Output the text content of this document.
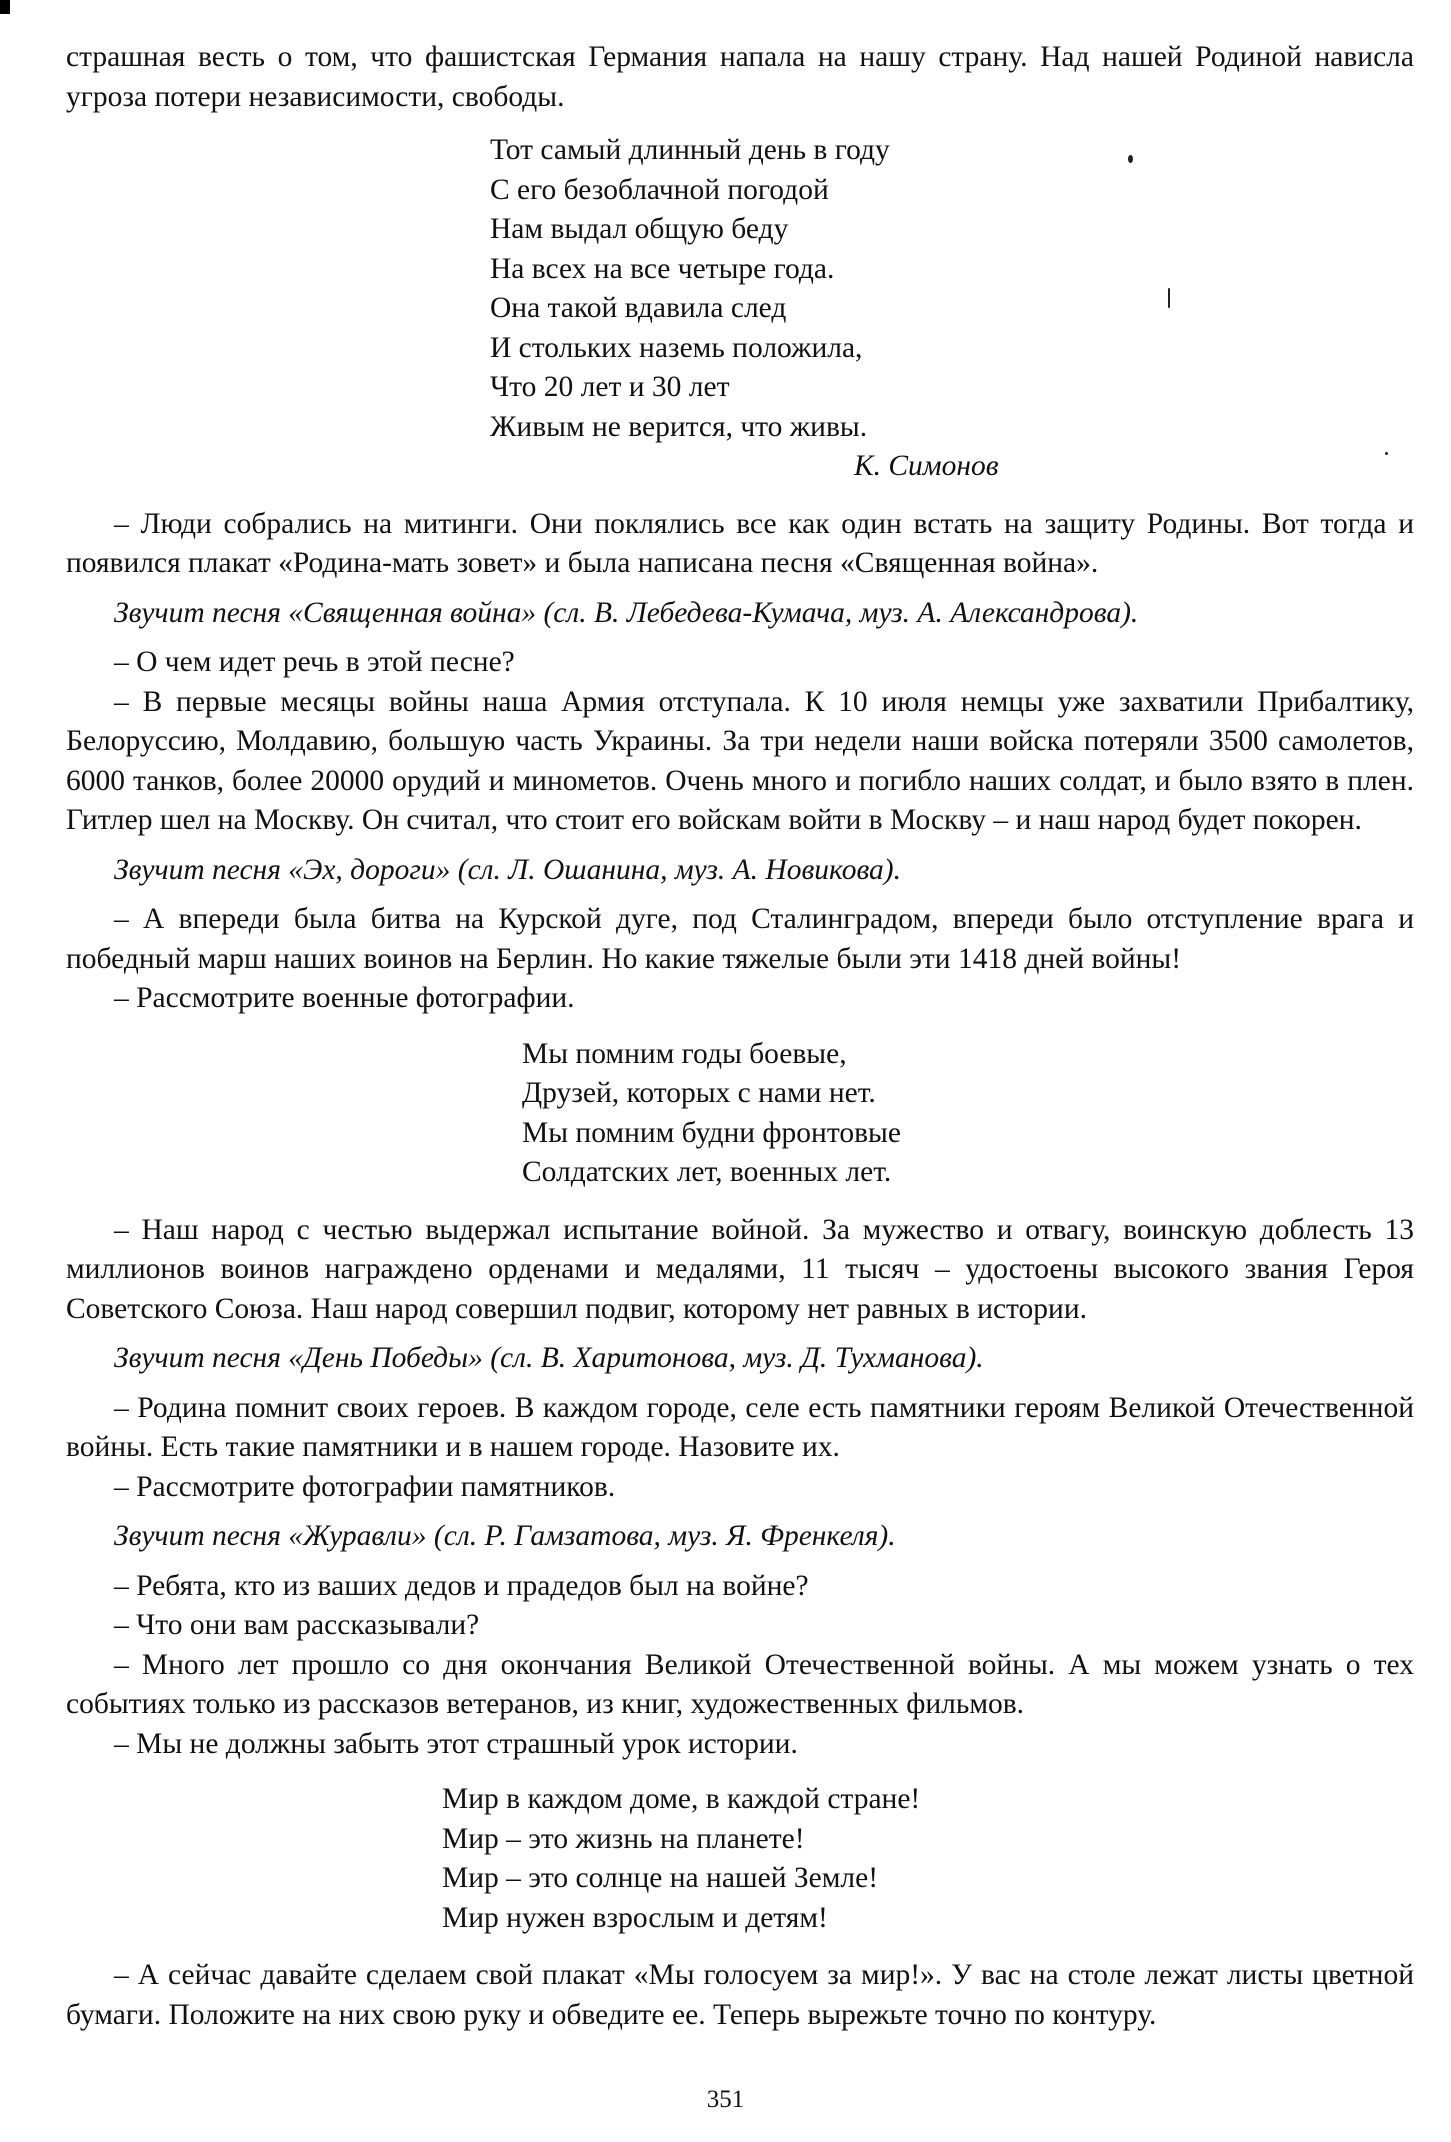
страшная весть о том, что фашистская Германия напала на нашу страну. Над нашей Родиной нависла угроза потери независимости, свободы.

Тот самый длинный день в году
С его безоблачной погодой
Нам выдал общую беду
На всех на все четыре года.
Она такой вдавила след
И стольких наземь положила,
Что 20 лет и 30 лет
Живым не верится, что живы.

К. Симонов

– Люди собрались на митинги. Они поклялись все как один встать на защиту Родины. Вот тогда и появился плакат «Родина-мать зовет» и была написана песня «Священная война».

Звучит песня «Священная война» (сл. В. Лебедева-Кумача, муз. А. Александрова).

– О чем идет речь в этой песне?

– В первые месяцы войны наша Армия отступала. К 10 июля немцы уже захватили Прибалтику, Белоруссию, Молдавию, большую часть Украины. За три недели наши войска потеряли 3500 самолетов, 6000 танков, более 20000 орудий и минометов. Очень много и погибло наших солдат, и было взято в плен. Гитлер шел на Москву. Он считал, что стоит его войскам войти в Москву – и наш народ будет покорен.

Звучит песня «Эх, дороги» (сл. Л. Ошанина, муз. А. Новикова).

– А впереди была битва на Курской дуге, под Сталинградом, впереди было отступление врага и победный марш наших воинов на Берлин. Но какие тяжелые были эти 1418 дней войны!

– Рассмотрите военные фотографии.

Мы помним годы боевые,
Друзей, которых с нами нет.
Мы помним будни фронтовые
Солдатских лет, военных лет.

– Наш народ с честью выдержал испытание войной. За мужество и отвагу, воинскую доблесть 13 миллионов воинов награждено орденами и медалями, 11 тысяч – удостоены высокого звания Героя Советского Союза. Наш народ совершил подвиг, которому нет равных в истории.

Звучит песня «День Победы» (сл. В. Харитонова, муз. Д. Тухманова).

– Родина помнит своих героев. В каждом городе, селе есть памятники героям Великой Отечественной войны. Есть такие памятники и в нашем городе. Назовите их.

– Рассмотрите фотографии памятников.

Звучит песня «Журавли» (сл. Р. Гамзатова, муз. Я. Френкеля).

– Ребята, кто из ваших дедов и прадедов был на войне?

– Что они вам рассказывали?

– Много лет прошло со дня окончания Великой Отечественной войны. А мы можем узнать о тех событиях только из рассказов ветеранов, из книг, художественных фильмов.

– Мы не должны забыть этот страшный урок истории.

Мир в каждом доме, в каждой стране!
Мир – это жизнь на планете!
Мир – это солнце на нашей Земле!
Мир нужен взрослым и детям!

– А сейчас давайте сделаем свой плакат «Мы голосуем за мир!». У вас на столе лежат листы цветной бумаги. Положите на них свою руку и обведите ее. Теперь вырежьте точно по контуру.

351
